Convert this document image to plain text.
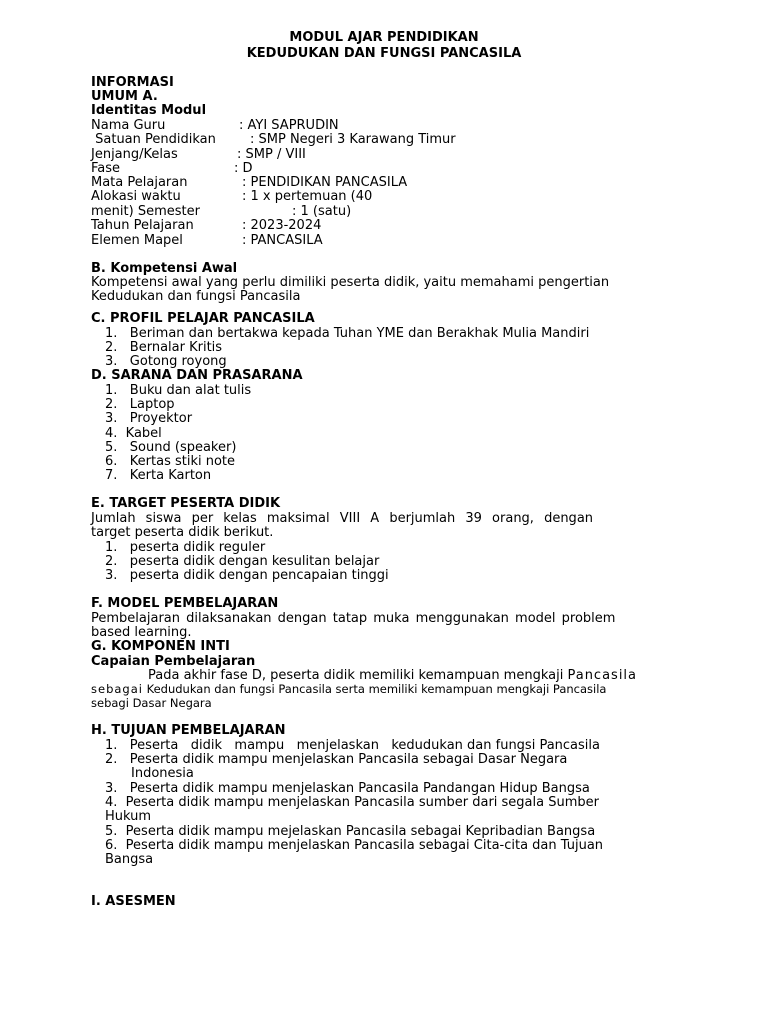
MODUL AJAR PENDIDIKAN
KEDUDUKAN DAN FUNGSI PANCASILA
INFORMASI
UMUM A.
Identitas Modul
Nama Guru	: AYI SAPRUDIN
Satuan Pendidikan	: SMP Negeri 3 Karawang Timur
Jenjang/Kelas	: SMP / VIII
Fase	: D
Mata Pelajaran	: PENDIDIKAN PANCASILA
Alokasi waktu	: 1 x pertemuan (40
menit) Semester	: 1 (satu)
Tahun Pelajaran	: 2023-2024
Elemen Mapel	: PANCASILA
B. Kompetensi Awal
Kompetensi awal yang perlu dimiliki peserta didik, yaitu memahami pengertian
Kedudukan dan fungsi Pancasila
C. PROFIL PELAJAR PANCASILA
1.   Beriman dan bertakwa kepada Tuhan YME dan Berakhak Mulia Mandiri
2.   Bernalar Kritis
3.   Gotong royong
D. SARANA DAN PRASARANA
1.   Buku dan alat tulis
2.   Laptop
3.   Proyektor
4.  Kabel
5.   Sound (speaker)
6.   Kertas stiki note
7.   Kerta Karton
E. TARGET PESERTA DIDIK
Jumlah siswa per kelas maksimal VIII A berjumlah 39 orang, dengan
target peserta didik berikut.
1.   peserta didik reguler
2.   peserta didik dengan kesulitan belajar
3.   peserta didik dengan pencapaian tinggi
F. MODEL PEMBELAJARAN
Pembelajaran dilaksanakan dengan tatap muka menggunakan model problem
based learning.
G. KOMPONEN INTI
Capaian Pembelajaran
Pada akhir fase D, peserta didik memiliki kemampuan mengkaji Pancasila
sebagai Kedudukan dan fungsi Pancasila serta memiliki kemampuan mengkaji Pancasila
sebagi Dasar Negara
H. TUJUAN PEMBELAJARAN
1.   Peserta   didik   mampu   menjelaskan   kedudukan dan fungsi Pancasila
2.   Peserta didik mampu menjelaskan Pancasila sebagai Dasar Negara
Indonesia
3.   Peserta didik mampu menjelaskan Pancasila Pandangan Hidup Bangsa
4.  Peserta didik mampu menjelaskan Pancasila sumber dari segala Sumber
Hukum
5.  Peserta didik mampu mejelaskan Pancasila sebagai Kepribadian Bangsa
6.  Peserta didik mampu menjelaskan Pancasila sebagai Cita-cita dan Tujuan
Bangsa
I. ASESMEN
